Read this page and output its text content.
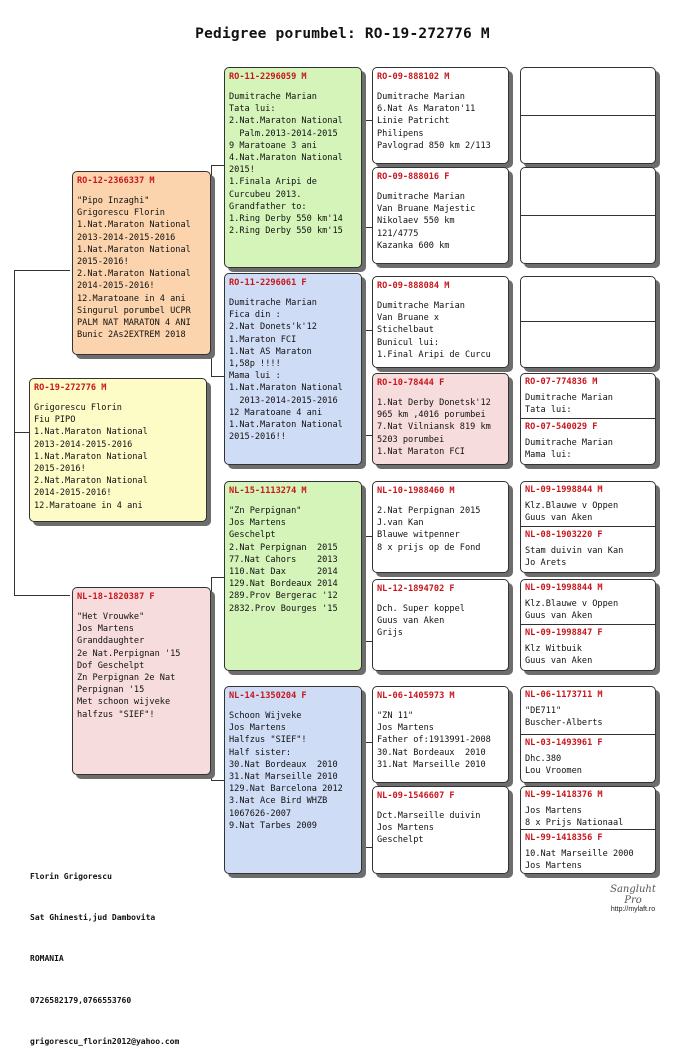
Pedigree porumbel: RO-19-272776 M
RO-19-272776 M
Grigorescu Florin
Fiu PIPO
1.Nat.Maraton National
2013-2014-2015-2016
1.Nat.Maraton National
2015-2016!
2.Nat.Maraton National
2014-2015-2016!
12.Maratoane in 4 ani
RO-12-2366337 M
"Pipo Inzaghi"
Grigorescu Florin
1.Nat.Maraton National
2013-2014-2015-2016
1.Nat.Maraton National
2015-2016!
2.Nat.Maraton National
2014-2015-2016!
12.Maratoane in 4 ani
Singurul porumbel UCPR
PALM NAT MARATON 4 ANI
Bunic 2As2EXTREM 2018
NL-18-1820387 F
"Het Vrouwke"
Jos Martens
Granddaughter
2e Nat.Perpignan '15
Dof Geschelpt
Zn Perpignan 2e Nat
Perpignan '15
Met schoon wijveke
halfzus "SIEF"!
RO-11-2296059 M
Dumitrache Marian
Tata lui:
2.Nat.Maraton National
Palm.2013-2014-2015
9 Maratoane 3 ani
4.Nat.Maraton National
2015!
1.Finala Aripi de
Curcubeu 2013.
Grandfather to:
1.Ring Derby 550 km'14
2.Ring Derby 550 km'15
RO-11-2296061 F
Dumitrache Marian
Fica din :
2.Nat Donets'k'12
1.Maraton FCI
1.Nat AS Maraton
1,58p !!!!
Mama lui :
1.Nat.Maraton National
2013-2014-2015-2016
12 Maratoane 4 ani
1.Nat.Maraton National
2015-2016!!
NL-15-1113274 M
"Zn Perpignan"
Jos Martens
Geschelpt
2.Nat Perpignan  2015
77.Nat Cahors    2013
110.Nat Dax      2014
129.Nat Bordeaux 2014
289.Prov Bergerac '12
2832.Prov Bourges '15
NL-14-1350204 F
Schoon Wijveke
Jos Martens
Halfzus "SIEF"!
Half sister:
30.Nat Bordeaux  2010
31.Nat Marseille 2010
129.Nat Barcelona 2012
3.Nat Ace Bird WHZB
1067626-2007
9.Nat Tarbes 2009
RO-09-888102 M
Dumitrache Marian
6.Nat As Maraton'11
Linie Patricht
Philipens
Pavlograd 850 km 2/113
RO-09-888016 F
Dumitrache Marian
Van Bruane Majestic
Nikolaev 550 km
121/4775
Kazanka 600 km
RO-09-888084 M
Dumitrache Marian
Van Bruane x
Stichelbaut
Bunicul lui:
1.Final Aripi de Curcu
RO-10-78444 F
1.Nat Derby Donetsk'12
965 km ,4016 porumbei
7.Nat Vilniansk 819 km
5203 porumbei
1.Nat Maraton FCI
NL-10-1988460 M
2.Nat Perpignan 2015
J.van Kan
Blauwe witpenner
8 x prijs op de Fond
NL-12-1894702 F
Dch. Super koppel
Guus van Aken
Grijs
NL-06-1405973 M
"ZN 11"
Jos Martens
Father of:1913991-2008
30.Nat Bordeaux  2010
31.Nat Marseille 2010
NL-09-1546607 F
Dct.Marseille duivin
Jos Martens
Geschelpt
RO-07-774836 M
Dumitrache Marian
Tata lui:
RO-07-540029 F
Dumitrache Marian
Mama lui:
NL-09-1998844 M
Klz.Blauwe v Oppen
Guus van Aken
NL-08-1903220 F
Stam duivin van Kan
Jo Arets
NL-09-1998844 M
Klz.Blauwe v Oppen
Guus van Aken
NL-09-1998847 F
Klz Witbuik
Guus van Aken
NL-06-1173711 M
"DE711"
Buscher-Alberts
NL-03-1493961 F
Dhc.380
Lou Vroomen
NL-99-1418376 M
Jos Martens
8 x Prijs Nationaal
NL-99-1418356 F
10.Nat Marseille 2000
Jos Martens

Florin Grigorescu

Sat Ghinesti,jud Dambovita

ROMANIA

0726582179,0766553760

grigorescu_florin2012@yahoo.com

Sangluht Pro
http://mylaft.ro
